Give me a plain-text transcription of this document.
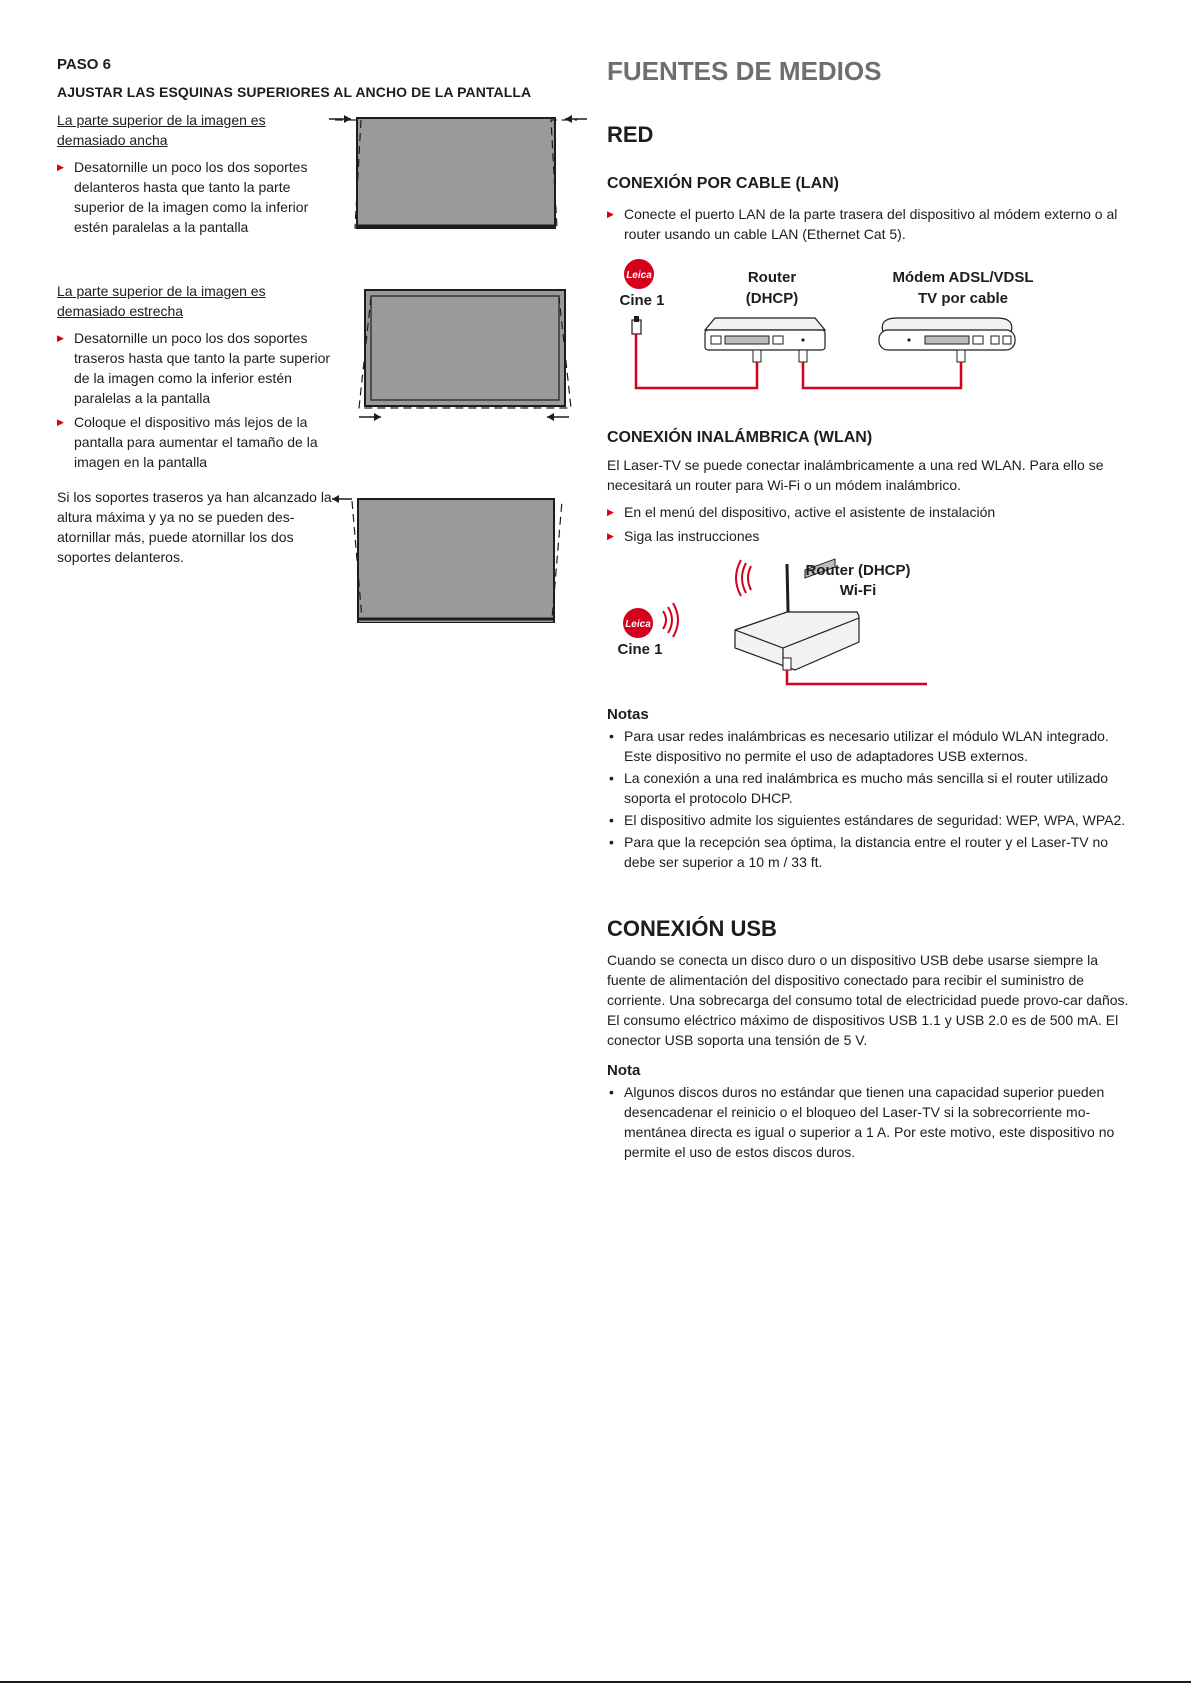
PASO 6
AJUSTAR LAS ESQUINAS SUPERIORES AL ANCHO DE LA PANTALLA
La parte superior de la imagen es
demasiado ancha
▶ Desatornille un poco los dos soportes delanteros hasta que tanto la parte superior de la imagen como la inferior estén paralelas a la pantalla
La parte superior de la imagen es
demasiado estrecha
▶ Desatornille un poco los dos soportes traseros hasta que tanto la parte superior de la imagen como la inferior estén paralelas a la pantalla
▶ Coloque el dispositivo más lejos de la pantalla para aumentar el tamaño de la imagen en la pantalla
Si los soportes traseros ya han alcanzado la altura máxima y ya no se pueden des-atornillar más, puede atornillar los dos soportes delanteros.
FUENTES DE MEDIOS
RED
CONEXIÓN POR CABLE (LAN)
▶ Conecte el puerto LAN de la parte trasera del dispositivo al módem externo o al router usando un cable LAN (Ethernet Cat 5).
Leica
Cine 1
Router
(DHCP)
Módem ADSL/VDSL
TV por cable
CONEXIÓN INALÁMBRICA (WLAN)
El Laser-TV se puede conectar inalámbricamente a una red WLAN. Para ello se necesitará un router para Wi-Fi o un módem inalámbrico.
▶ En el menú del dispositivo, active el asistente de instalación
▶ Siga las instrucciones
Leica
Router (DHCP)
Wi-Fi
Cine 1
Notas
• Para usar redes inalámbricas es necesario utilizar el módulo WLAN integrado. Este dispositivo no permite el uso de adaptadores USB externos.
• La conexión a una red inalámbrica es mucho más sencilla si el router utilizado soporta el protocolo DHCP.
• El dispositivo admite los siguientes estándares de seguridad: WEP, WPA, WPA2.
• Para que la recepción sea óptima, la distancia entre el router y el Laser-TV no debe ser superior a 10 m / 33 ft.
CONEXIÓN USB
Cuando se conecta un disco duro o un dispositivo USB debe usarse siempre la fuente de alimentación del dispositivo conectado para recibir el suministro de corriente. Una sobrecarga del consumo total de electricidad puede provo-car daños. El consumo eléctrico máximo de dispositivos USB 1.1 y USB 2.0 es de 500 mA. El conector USB soporta una tensión de 5 V.
Nota
• Algunos discos duros no estándar que tienen una capacidad superior pueden desencadenar el reinicio o el bloqueo del Laser-TV si la sobrecorriente mo-mentánea directa es igual o superior a 1 A. Por este motivo, este dispositivo no permite el uso de estos discos duros.
